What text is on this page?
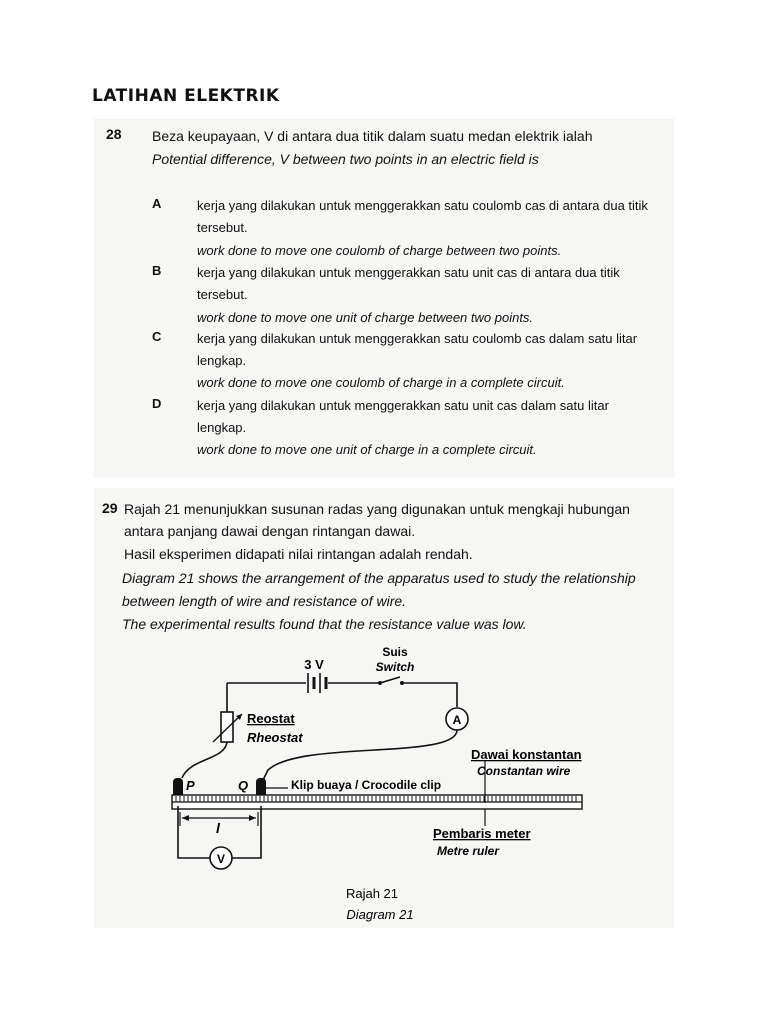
LATIHAN ELEKTRIK
28 Beza keupayaan, V di antara dua titik dalam suatu medan elektrik ialah
Potential difference, V between two points in an electric field is
A	kerja yang dilakukan untuk menggerakkan satu coulomb cas di antara dua titik
tersebut.
work done to move one coulomb of charge between two points.
B	kerja yang dilakukan untuk menggerakkan satu unit cas di antara dua titik
tersebut.
work done to move one unit of charge between two points.
C	kerja yang dilakukan untuk menggerakkan satu coulomb cas dalam satu litar
lengkap.
work done to move one coulomb of charge in a complete circuit.
D	kerja yang dilakukan untuk menggerakkan satu unit cas dalam satu litar
lengkap.
work done to move one unit of charge in a complete circuit.
29 Rajah 21 menunjukkan susunan radas yang digunakan untuk mengkaji hubungan
antara panjang dawai dengan rintangan dawai.
Hasil eksperimen didapati nilai rintangan adalah rendah.
Diagram 21 shows the arrangement of the apparatus used to study the relationship
between length of wire and resistance of wire.
The experimental results found that the resistance value was low.
A
l
V
3 V
Suis
Switch
Reostat
Rheostat
P	Q	Klip buaya / Crocodile clip
Dawai konstantan
Constantan wire
Pembaris meter
Metre ruler
Rajah 21
Diagram 21
